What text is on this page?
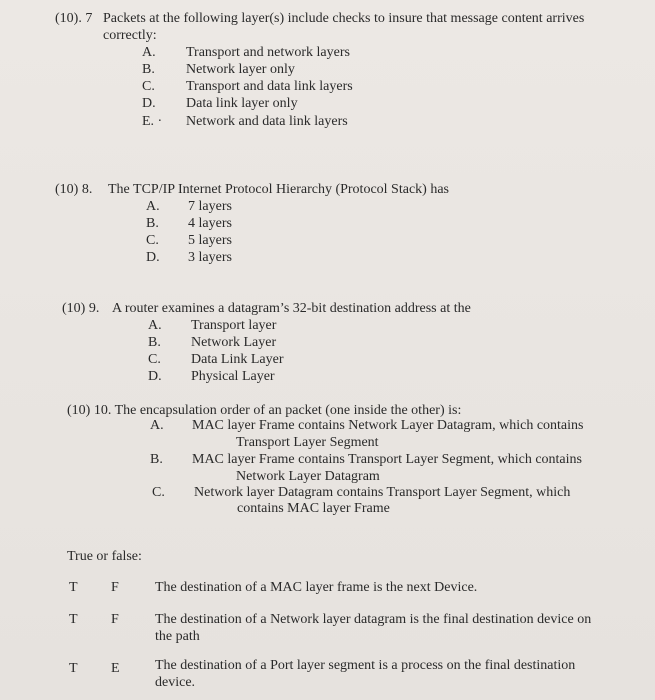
(10). 7 Packets at the following layer(s) include checks to insure that message content arrives
correctly:
A. Transport and network layers
B. Network layer only
C. Transport and data link layers
D. Data link layer only
E. · Network and data link layers
(10) 8. The TCP/IP Internet Protocol Hierarchy (Protocol Stack) has
A. 7 layers
B. 4 layers
C. 5 layers
D. 3 layers
(10) 9. A router examines a datagram’s 32-bit destination address at the
A. Transport layer
B. Network Layer
C. Data Link Layer
D. Physical Layer
(10) 10. The encapsulation order of an packet (one inside the other) is:
A. MAC layer Frame contains Network Layer Datagram, which contains
Transport Layer Segment
B. MAC layer Frame contains Transport Layer Segment, which contains
Network Layer Datagram
C. Network layer Datagram contains Transport Layer Segment, which
contains MAC layer Frame
True or false:
T F	The destination of a MAC layer frame is the next Device.
T F	The destination of a Network layer datagram is the final destination device on
the path
T E	The destination of a Port layer segment is a process on the final destination
device.
